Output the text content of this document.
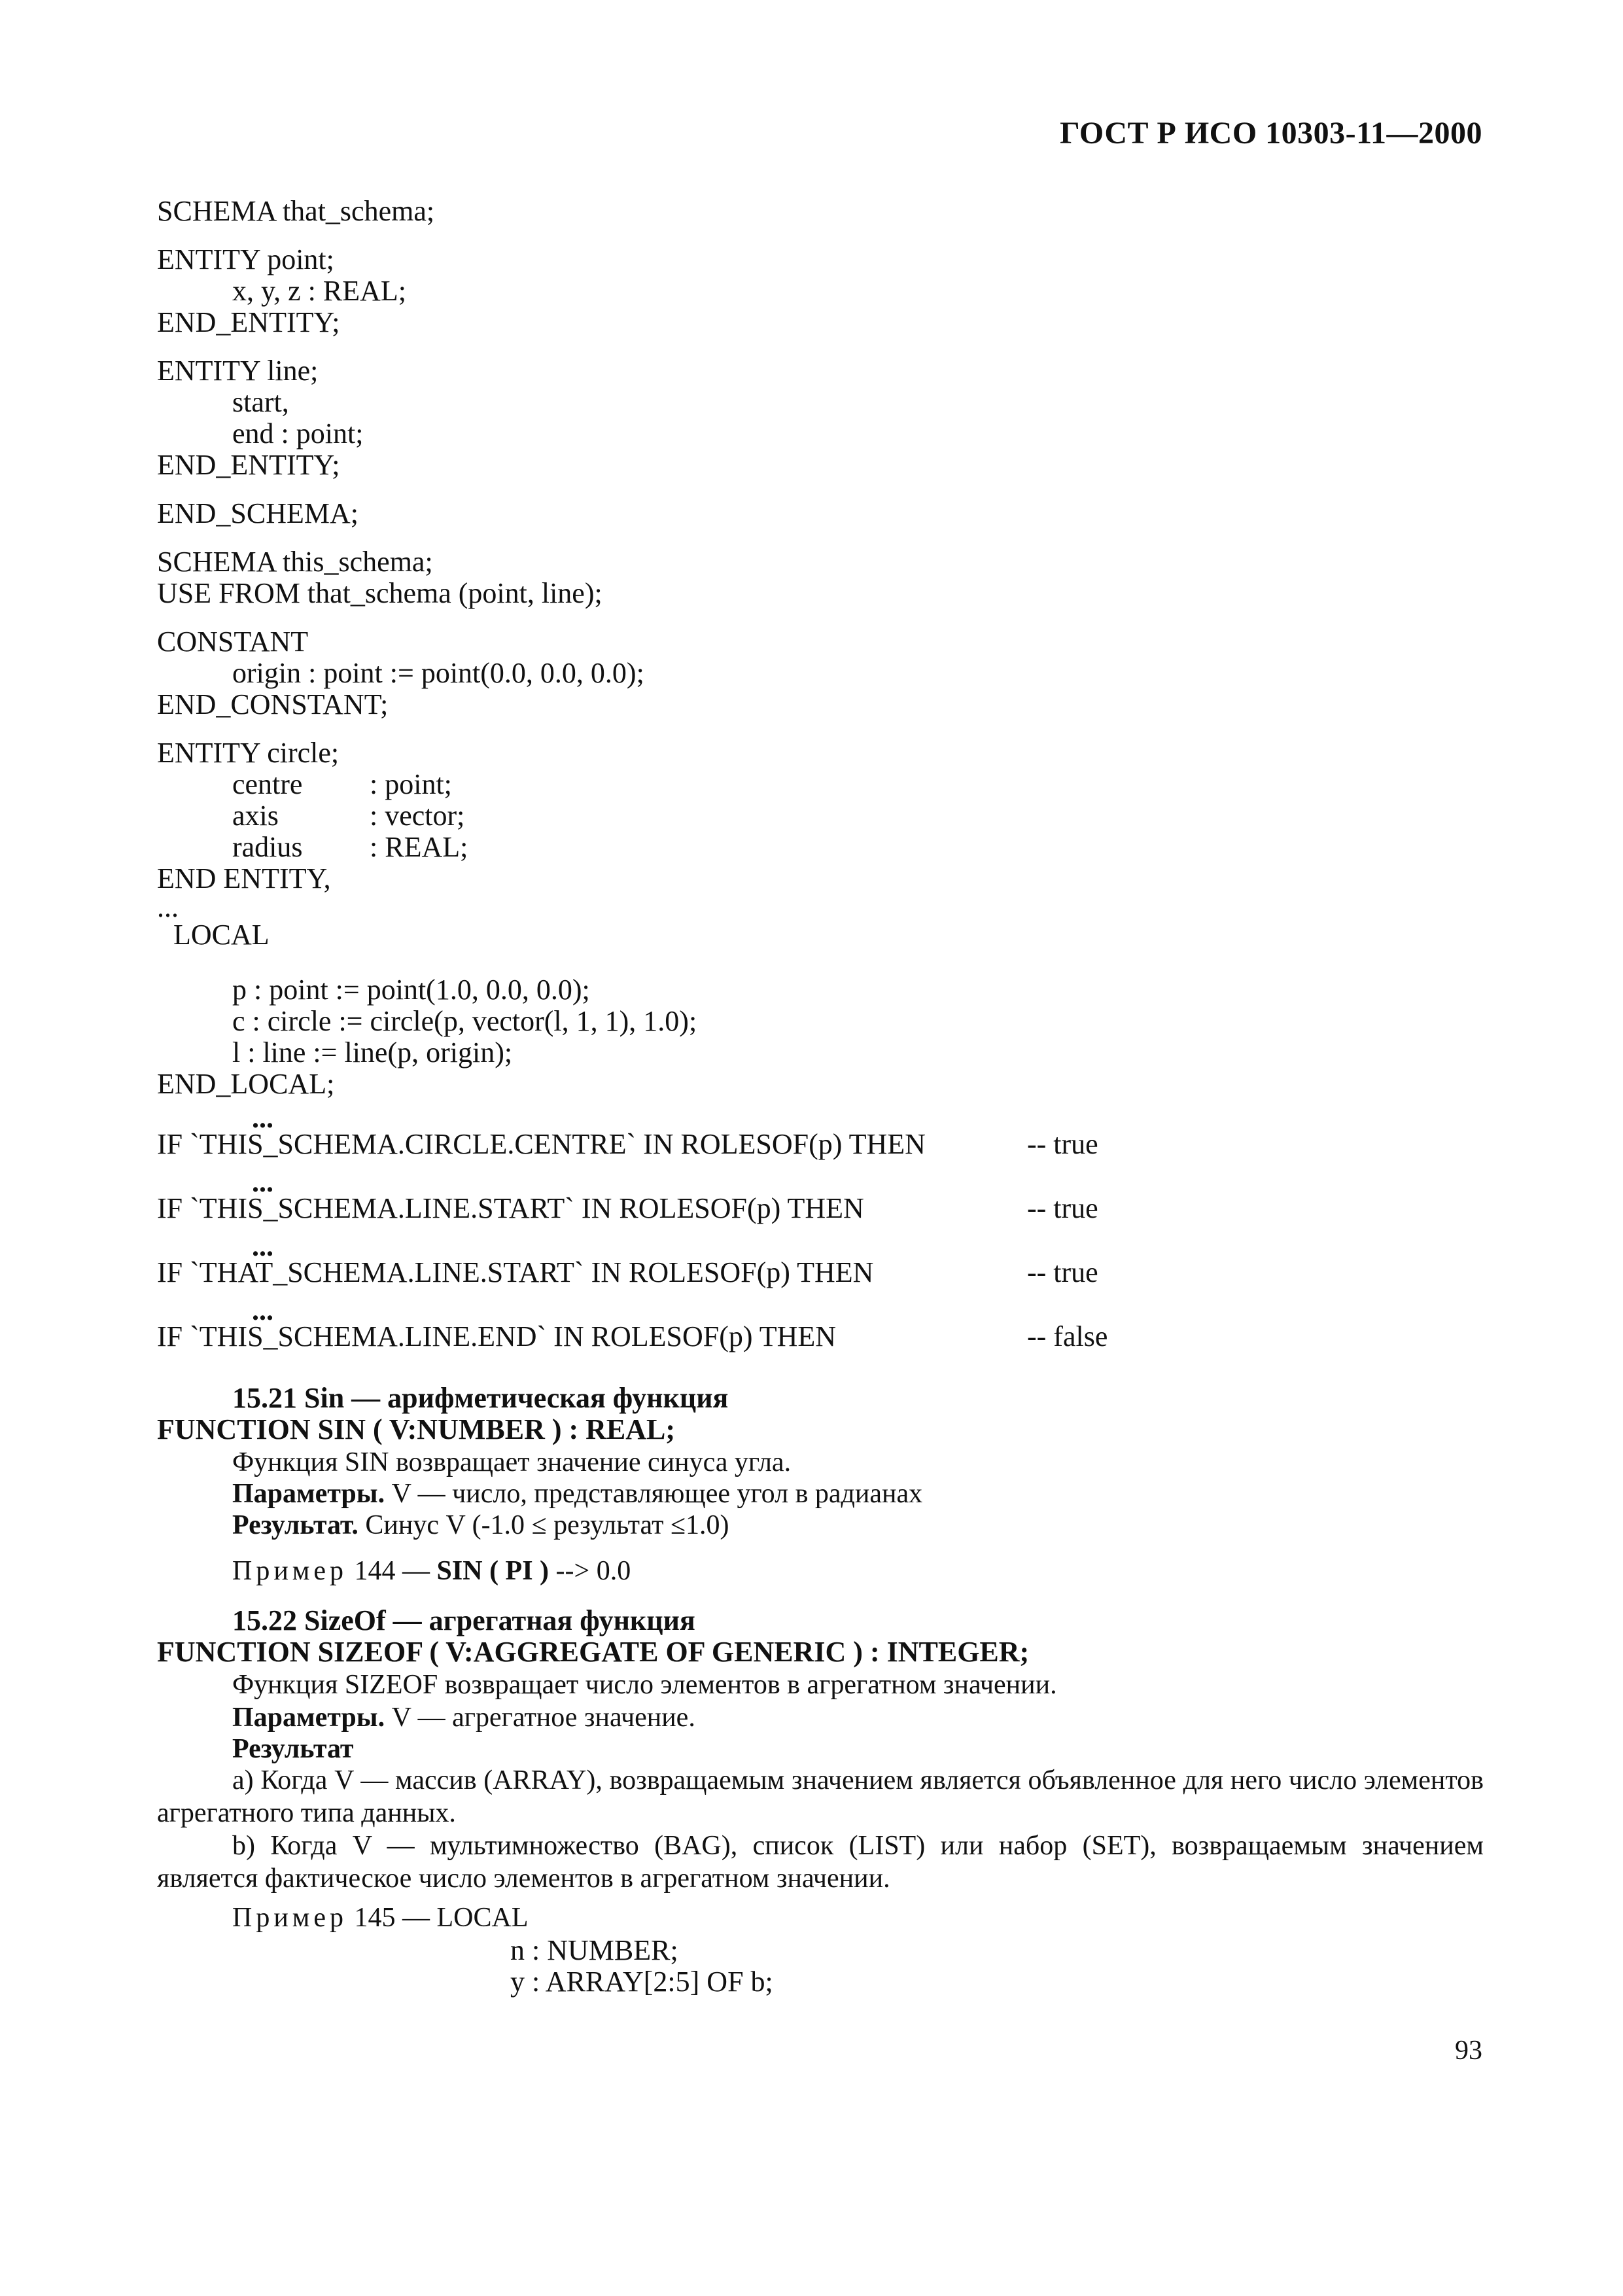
ГОСТ Р ИСО 10303-11—2000
SCHEMA that_schema;
ENTITY point;
x, y, z : REAL;
END_ENTITY;
ENTITY line;
start,
end : point;
END_ENTITY;
END_SCHEMA;
SCHEMA this_schema;
USE FROM that_schema (point, line);
CONSTANT
origin : point := point(0.0, 0.0, 0.0);
END_CONSTANT;
ENTITY circle;
centre : point;
axis	: vector;
radius : REAL;
END ENTITY,
...
LOCAL
p : point := point(1.0, 0.0, 0.0);
c : circle := circle(p, vector(l, 1, 1), 1.0);
l : line := line(p, origin);
END_LOCAL;
...
IF `THIS_SCHEMA.CIRCLE.CENTRE` IN ROLESOF(p) THEN	-- true
...
IF `THIS_SCHEMA.LINE.START` IN ROLESOF(p) THEN	-- true
...
IF `THAT_SCHEMA.LINE.START` IN ROLESOF(p) THEN	-- true
...
IF `THIS_SCHEMA.LINE.END` IN ROLESOF(p) THEN	-- false
15.21 Sin — арифметическая функция
FUNCTION SIN ( V:NUMBER ) : REAL;
Функция SIN возвращает значение синуса угла.
Параметры. V — число, представляющее угол в радианах
Результат. Синус V (-1.0 ≤ результат ≤1.0)
Пример 144 — SIN ( PI ) --> 0.0
15.22 SizeOf — агрегатная функция
FUNCTION SIZEOF ( V:AGGREGATE OF GENERIC ) : INTEGER;
Функция SIZEOF возвращает число элементов в агрегатном значении.
Параметры. V — агрегатное значение.
Результат
a) Когда V — массив (ARRAY), возвращаемым значением является объявленное для него число элементов агрегатного типа данных.
b) Когда V — мультимножество (BAG), список (LIST) или набор (SET), возвращаемым значением является фактическое число элементов в агрегатном значении.
Пример 145 — LOCAL
n : NUMBER;
y : ARRAY[2:5] OF b;
93
